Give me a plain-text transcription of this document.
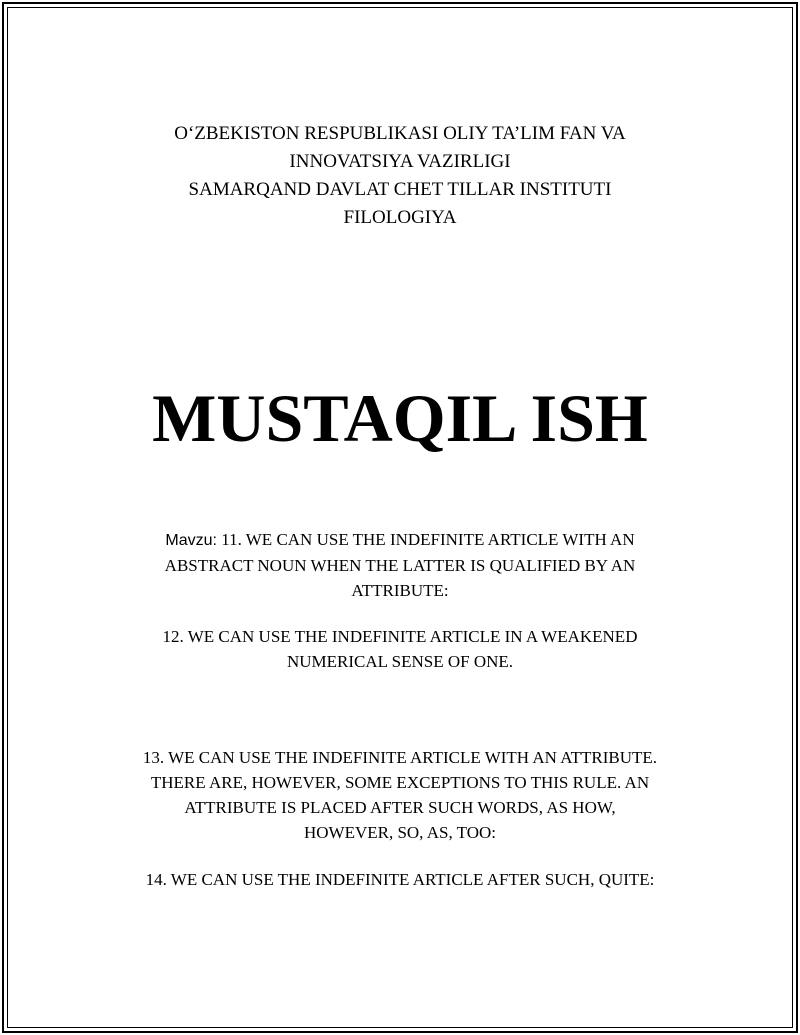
O‘ZBEKISTON RESPUBLIKASI OLIY TA’LIM FAN VA
INNOVATSIYA VAZIRLIGI
SAMARQAND DAVLAT CHET TILLAR INSTITUTI
FILOLOGIYA
MUSTAQIL ISH
Mavzu: 11. WE CAN USE THE INDEFINITE ARTICLE WITH AN
ABSTRACT NOUN WHEN THE LATTER IS QUALIFIED BY AN
ATTRIBUTE:
12. WE CAN USE THE INDEFINITE ARTICLE IN A WEAKENED
NUMERICAL SENSE OF ONE.
13. WE CAN USE THE INDEFINITE ARTICLE WITH AN ATTRIBUTE.
THERE ARE, HOWEVER, SOME EXCEPTIONS TO THIS RULE. AN
ATTRIBUTE IS PLACED AFTER SUCH WORDS, AS HOW,
HOWEVER, SO, AS, TOO:
14. WE CAN USE THE INDEFINITE ARTICLE AFTER SUCH, QUITE:
